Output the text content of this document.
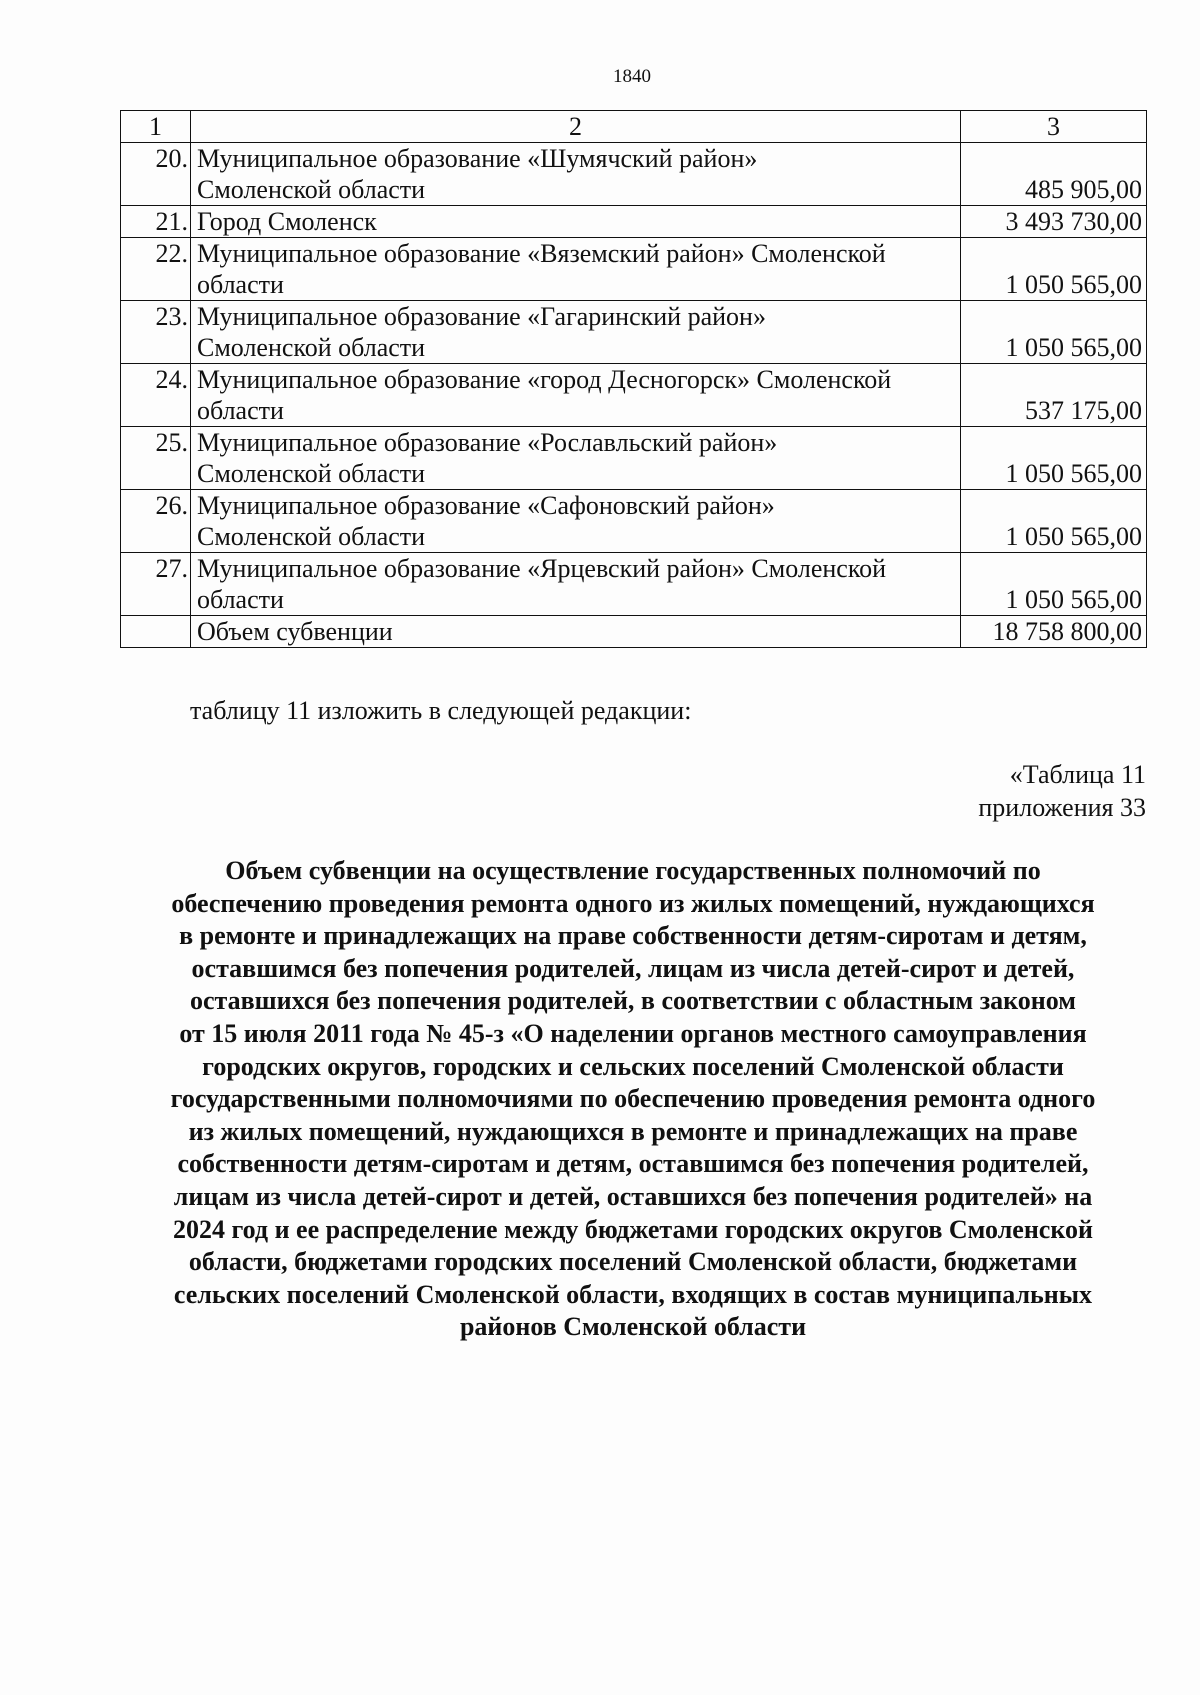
1840
1	2	3
20.	Муниципальное образование «Шумячский район»
Смоленской области	485 905,00
21.	Город Смоленск	3 493 730,00
22.	Муниципальное образование «Вяземский район» Смоленской
области	1 050 565,00
23.	Муниципальное образование «Гагаринский район»
Смоленской области	1 050 565,00
24.	Муниципальное образование «город Десногорск» Смоленской
области	537 175,00
25.	Муниципальное образование «Рославльский район»
Смоленской области	1 050 565,00
26.	Муниципальное образование «Сафоновский район»
Смоленской области	1 050 565,00
27.	Муниципальное образование «Ярцевский район» Смоленской
области	1 050 565,00
	Объем субвенции	18 758 800,00
таблицу 11 изложить в следующей редакции:
«Таблица 11
приложения 33
Объем субвенции на осуществление государственных полномочий по
обеспечению проведения ремонта одного из жилых помещений, нуждающихся
в ремонте и принадлежащих на праве собственности детям-сиротам и детям,
оставшимся без попечения родителей, лицам из числа детей-сирот и детей,
оставшихся без попечения родителей, в соответствии с областным законом
от 15 июля 2011 года № 45-з «О наделении органов местного самоуправления
городских округов, городских и сельских поселений Смоленской области
государственными полномочиями по обеспечению проведения ремонта одного
из жилых помещений, нуждающихся в ремонте и принадлежащих на праве
собственности детям-сиротам и детям, оставшимся без попечения родителей,
лицам из числа детей-сирот и детей, оставшихся без попечения родителей» на
2024 год и ее распределение между бюджетами городских округов Смоленской
области, бюджетами городских поселений Смоленской области, бюджетами
сельских поселений Смоленской области, входящих в состав муниципальных
районов Смоленской области
